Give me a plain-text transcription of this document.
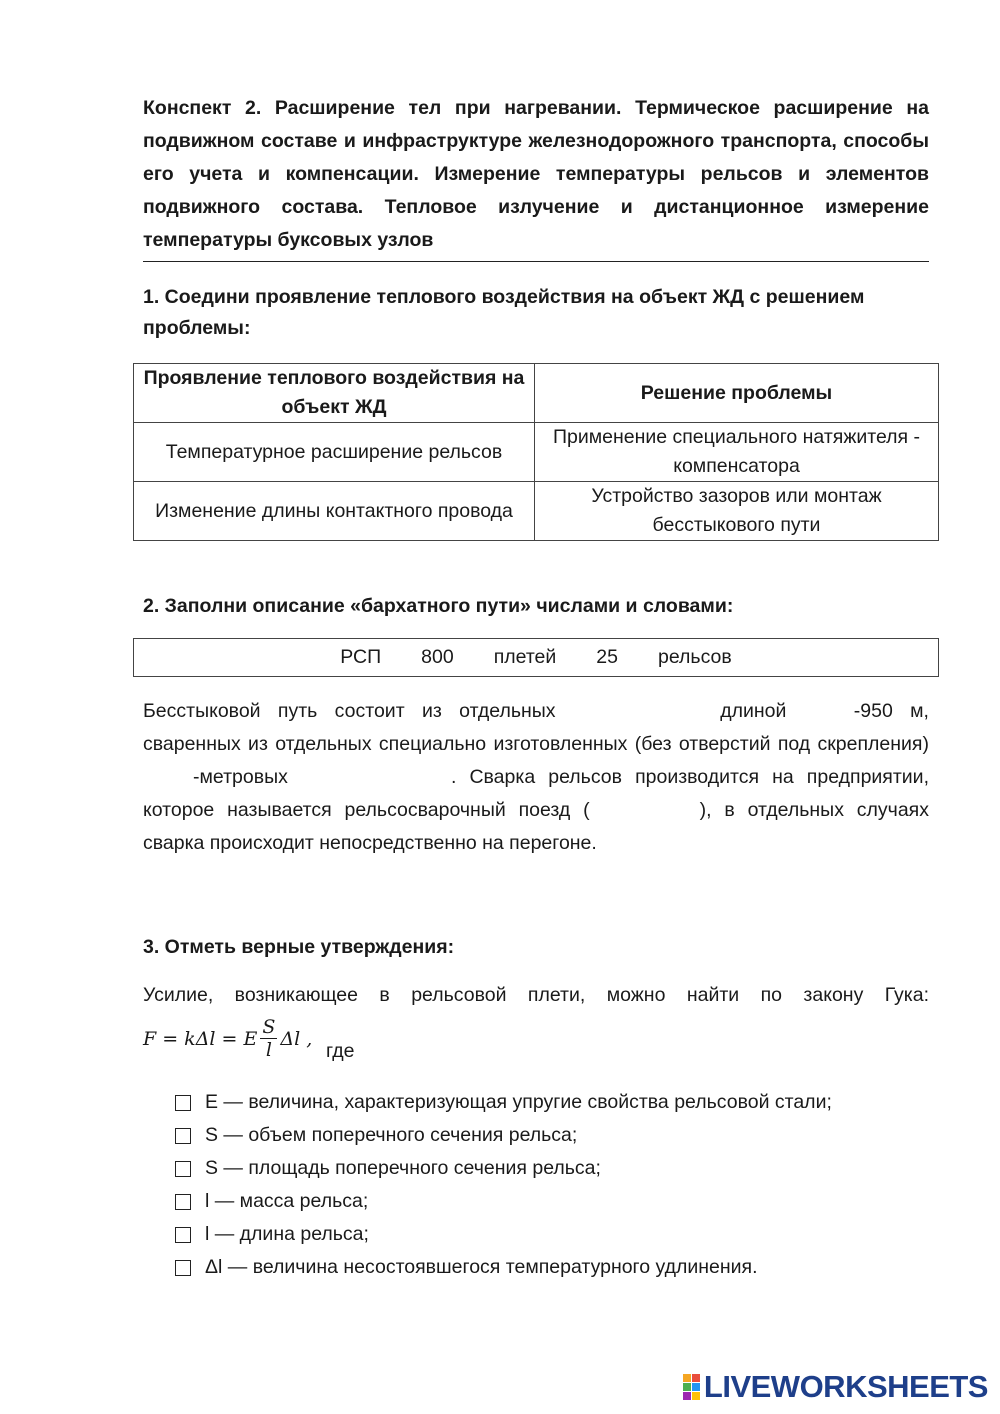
Конспект 2. Расширение тел при нагревании. Термическое расширение на подвижном составе и инфраструктуре железнодорожного транспорта, способы его учета и компенсации. Измерение температуры рельсов и элементов подвижного состава. Тепловое излучение и дистанционное измерение температуры буксовых узлов

1. Соедини проявление теплового воздействия на объект ЖД с решением проблемы:

Проявление теплового воздействия на объект ЖД	Решение проблемы
Температурное расширение рельсов	Применение специального натяжителя - компенсатора
Изменение длины контактного провода	Устройство зазоров или монтаж бесстыкового пути

2. Заполни описание «бархатного пути» числами и словами:

РСП 800 плетей 25 рельсов

Бесстыковой путь состоит из отдельных	длиной	-950 м, сваренных из отдельных специально изготовленных (без отверстий под скрепления) -метровых	. Сварка рельсов производится на предприятии, которое называется рельсосварочный поезд (	), в отдельных случаях сварка происходит непосредственно на перегоне.

3. Отметь верные утверждения:

Усилие, возникающее в рельсовой плети, можно найти по закону Гука:

F = kΔl = E $\frac{S}{l}$ Δl ,
где
E — величина, характеризующая упругие свойства рельсовой стали;
S — объем поперечного сечения рельса;
S — площадь поперечного сечения рельса;
l — масса рельса;
l — длина рельса;
Δl — величина несостоявшегося температурного удлинения.
LIVEWORKSHEETS
